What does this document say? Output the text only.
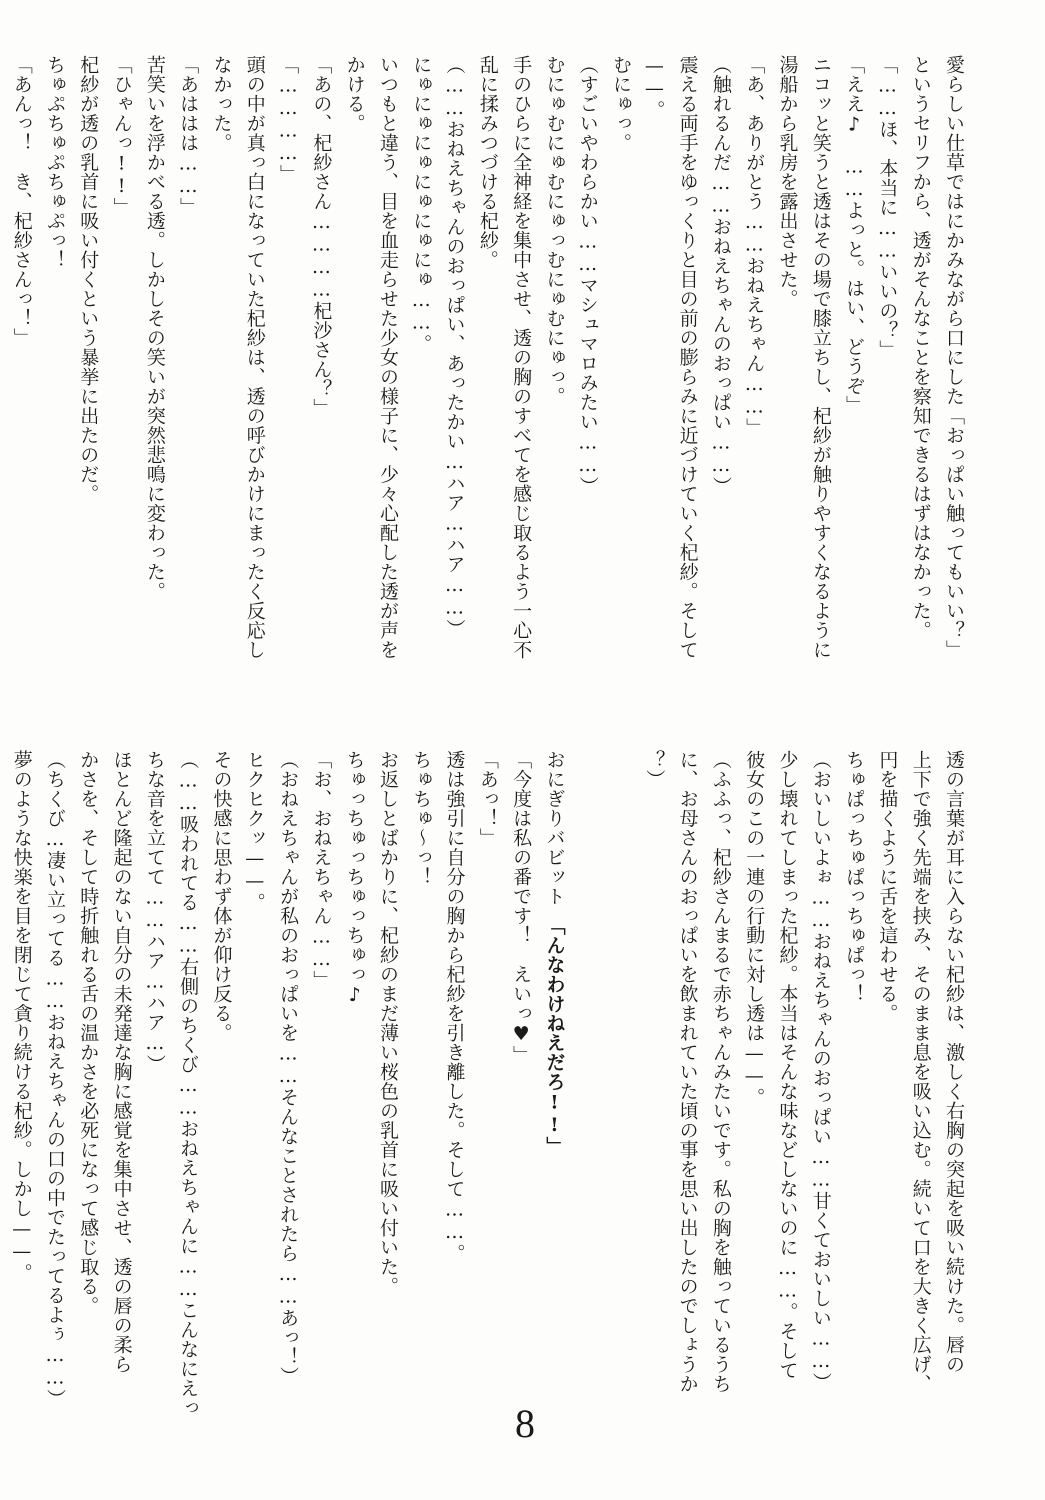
愛らしい仕草ではにかみながら口にした「おっぱい触ってもいい？」

というセリフから、透がそんなことを察知できるはずはなかった。

「……ほ、本当に……いいの？」

「ええ♪　……よっと。はい、どうぞ」

ニコッと笑うと透はその場で膝立ちし、杞紗が触りやすくなるように

湯船から乳房を露出させた。

「あ、ありがとう……おねえちゃん……」

（触れるんだ……おねえちゃんのおっぱい……）

震える両手をゆっくりと目の前の膨らみに近づけていく杞紗。そして

——。

むにゅっ。

（すごいやわらかい……マシュマロみたい……）

むにゅむにゅむにゅっむにゅむにゅっ。

手のひらに全神経を集中させ、透の胸のすべてを感じ取るよう一心不

乱に揉みつづける杞紗。

（……おねえちゃんのおっぱい、あったかい…ハア…ハア……）

にゅにゅにゅにゅにゅにゅ……。

いつもと違う、目を血走らせた少女の様子に、少々心配した透が声を

かける。

「あの、杞紗さん…………杞沙さん？」

「…………」

頭の中が真っ白になっていた杞紗は、透の呼びかけにまったく反応し

なかった。

「あははは……」

苦笑いを浮かべる透。しかしその笑いが突然悲鳴に変わった。

「ひゃんっ!!」

杞紗が透の乳首に吸い付くという暴挙に出たのだ。

ちゅぷちゅぷちゅぷっ！

「あんっ！　き、杞紗さんっ！」

透の言葉が耳に入らない杞紗は、激しく右胸の突起を吸い続けた。唇の

上下で強く先端を挟み、そのまま息を吸い込む。続いて口を大きく広げ、

円を描くように舌を這わせる。

ちゅぱっちゅぱっちゅぱっ！

（おいしいよぉ……おねえちゃんのおっぱい……甘くておいしい……）

少し壊れてしまった杞紗。本当はそんな味などしないのに……。そして

彼女のこの一連の行動に対し透は——。

（ふふっ、杞紗さんまるで赤ちゃんみたいです。私の胸を触っているうち

に、お母さんのおっぱいを飲まれていた頃の事を思い出したのでしょうか

？）

おにぎりバビット　「んなわけねえだろ!!」

「今度は私の番です！　えいっ♥」

「あっ！」

透は強引に自分の胸から杞紗を引き離した。そして……。

ちゅちゅ〜っ！

お返しとばかりに、杞紗のまだ薄い桜色の乳首に吸い付いた。

ちゅっちゅっちゅっちゅっ♪

「お、おねえちゃん……」

（おねえちゃんが私のおっぱいを……そんなことされたら……あっ！）

ヒクヒクッ——。

その快感に思わず体が仰け反る。

（……吸われてる……右側のちくび……おねえちゃんに……こんなにえっ

ちな音を立てて……ハア…ハア…）

ほとんど隆起のない自分の未発達な胸に感覚を集中させ、透の唇の柔ら

かさを、そして時折触れる舌の温かさを必死になって感じ取る。

（ちくび…凄い立ってる……おねえちゃんの口の中でたってるよぅ……）

夢のような快楽を目を閉じて貪り続ける杞紗。しかし——。

8
